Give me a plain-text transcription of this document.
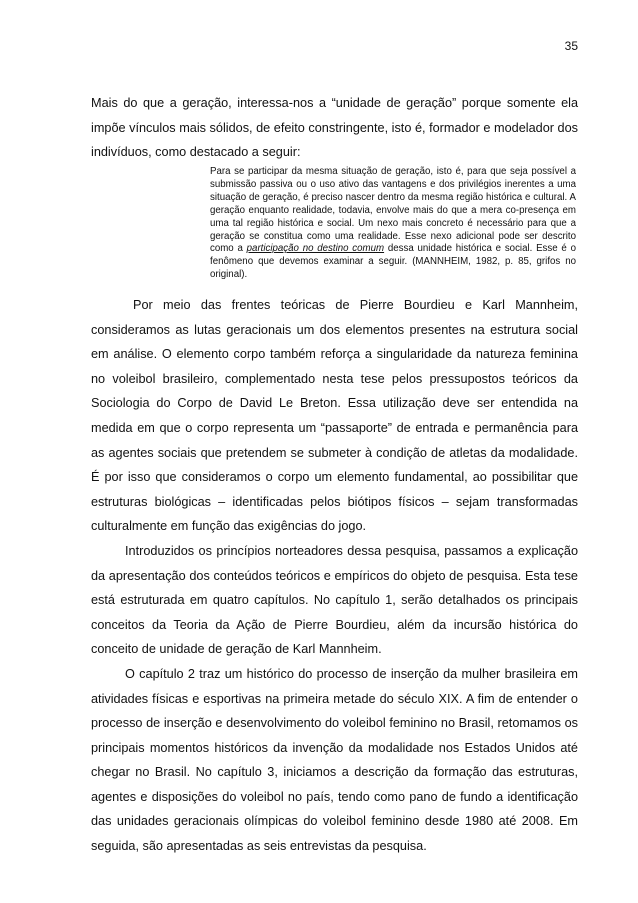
35

Mais do que a geração, interessa-nos a “unidade de geração” porque somente ela impõe vínculos mais sólidos, de efeito constringente, isto é, formador e modelador dos indivíduos, como destacado a seguir:

Para se participar da mesma situação de geração, isto é, para que seja possível a submissão passiva ou o uso ativo das vantagens e dos privilégios inerentes a uma situação de geração, é preciso nascer dentro da mesma região histórica e cultural. A geração enquanto realidade, todavia, envolve mais do que a mera co-presença em uma tal região histórica e social. Um nexo mais concreto é necessário para que a geração se constitua como uma realidade. Esse nexo adicional pode ser descrito como a participação no destino comum dessa unidade histórica e social. Esse é o fenômeno que devemos examinar a seguir. (MANNHEIM, 1982, p. 85, grifos no original).

Por meio das frentes teóricas de Pierre Bourdieu e Karl Mannheim, consideramos as lutas geracionais um dos elementos presentes na estrutura social em análise. O elemento corpo também reforça a singularidade da natureza feminina no voleibol brasileiro, complementado nesta tese pelos pressupostos teóricos da Sociologia do Corpo de David Le Breton. Essa utilização deve ser entendida na medida em que o corpo representa um “passaporte” de entrada e permanência para as agentes sociais que pretendem se submeter à condição de atletas da modalidade. É por isso que consideramos o corpo um elemento fundamental, ao possibilitar que estruturas biológicas – identificadas pelos biótipos físicos – sejam transformadas culturalmente em função das exigências do jogo.

Introduzidos os princípios norteadores dessa pesquisa, passamos a explicação da apresentação dos conteúdos teóricos e empíricos do objeto de pesquisa. Esta tese está estruturada em quatro capítulos. No capítulo 1, serão detalhados os principais conceitos da Teoria da Ação de Pierre Bourdieu, além da incursão histórica do conceito de unidade de geração de Karl Mannheim.

O capítulo 2 traz um histórico do processo de inserção da mulher brasileira em atividades físicas e esportivas na primeira metade do século XIX. A fim de entender o processo de inserção e desenvolvimento do voleibol feminino no Brasil, retomamos os principais momentos históricos da invenção da modalidade nos Estados Unidos até chegar no Brasil. No capítulo 3, iniciamos a descrição da formação das estruturas, agentes e disposições do voleibol no país, tendo como pano de fundo a identificação das unidades geracionais olímpicas do voleibol feminino desde 1980 até 2008. Em seguida, são apresentadas as seis entrevistas da pesquisa.
